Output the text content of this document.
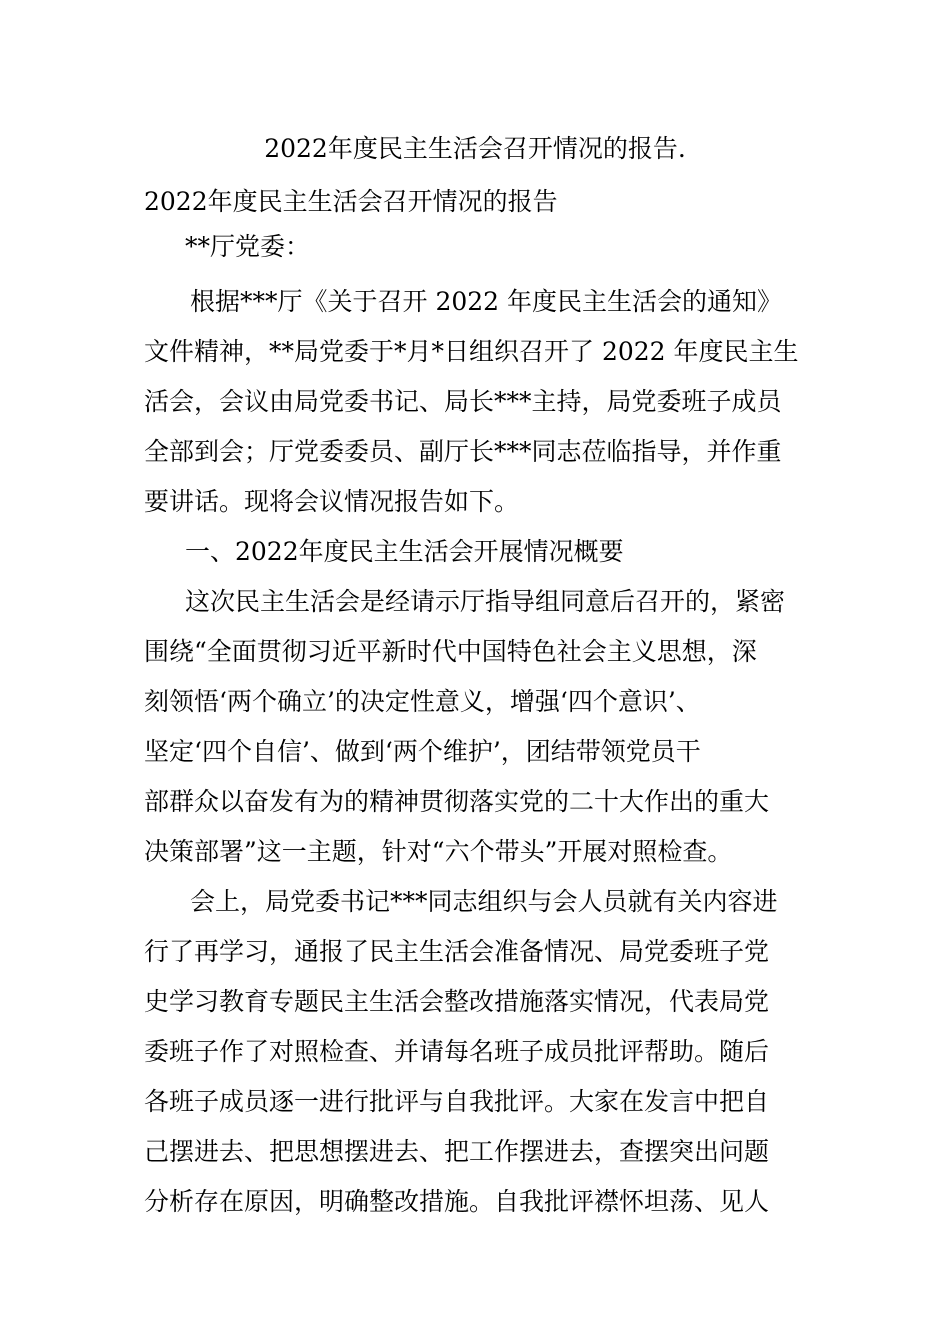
2022年度民主生活会召开情况的报告.

2022年度民主生活会召开情况的报告

**厅党委：

根据***厅《关于召开 2022 年度民主生活会的通知》

文件精神，**局党委于*月*日组织召开了 2022 年度民主生

活会，会议由局党委书记、局长***主持，局党委班子成员

全部到会；厅党委委员、副厅长***同志莅临指导，并作重

要讲话。现将会议情况报告如下。

一、2022年度民主生活会开展情况概要

这次民主生活会是经请示厅指导组同意后召开的，紧密

围绕“全面贯彻习近平新时代中国特色社会主义思想，深

刻领悟‘两个确立’的决定性意义，增强‘四个意识’、

坚定‘四个自信’、做到‘两个维护’，团结带领党员干

部群众以奋发有为的精神贯彻落实党的二十大作出的重大

决策部署”这一主题，针对“六个带头”开展对照检查。

会上，局党委书记***同志组织与会人员就有关内容进

行了再学习，通报了民主生活会准备情况、局党委班子党

史学习教育专题民主生活会整改措施落实情况，代表局党

委班子作了对照检查、并请每名班子成员批评帮助。随后

各班子成员逐一进行批评与自我批评。大家在发言中把自

己摆进去、把思想摆进去、把工作摆进去，查摆突出问题

分析存在原因，明确整改措施。自我批评襟怀坦荡、见人
